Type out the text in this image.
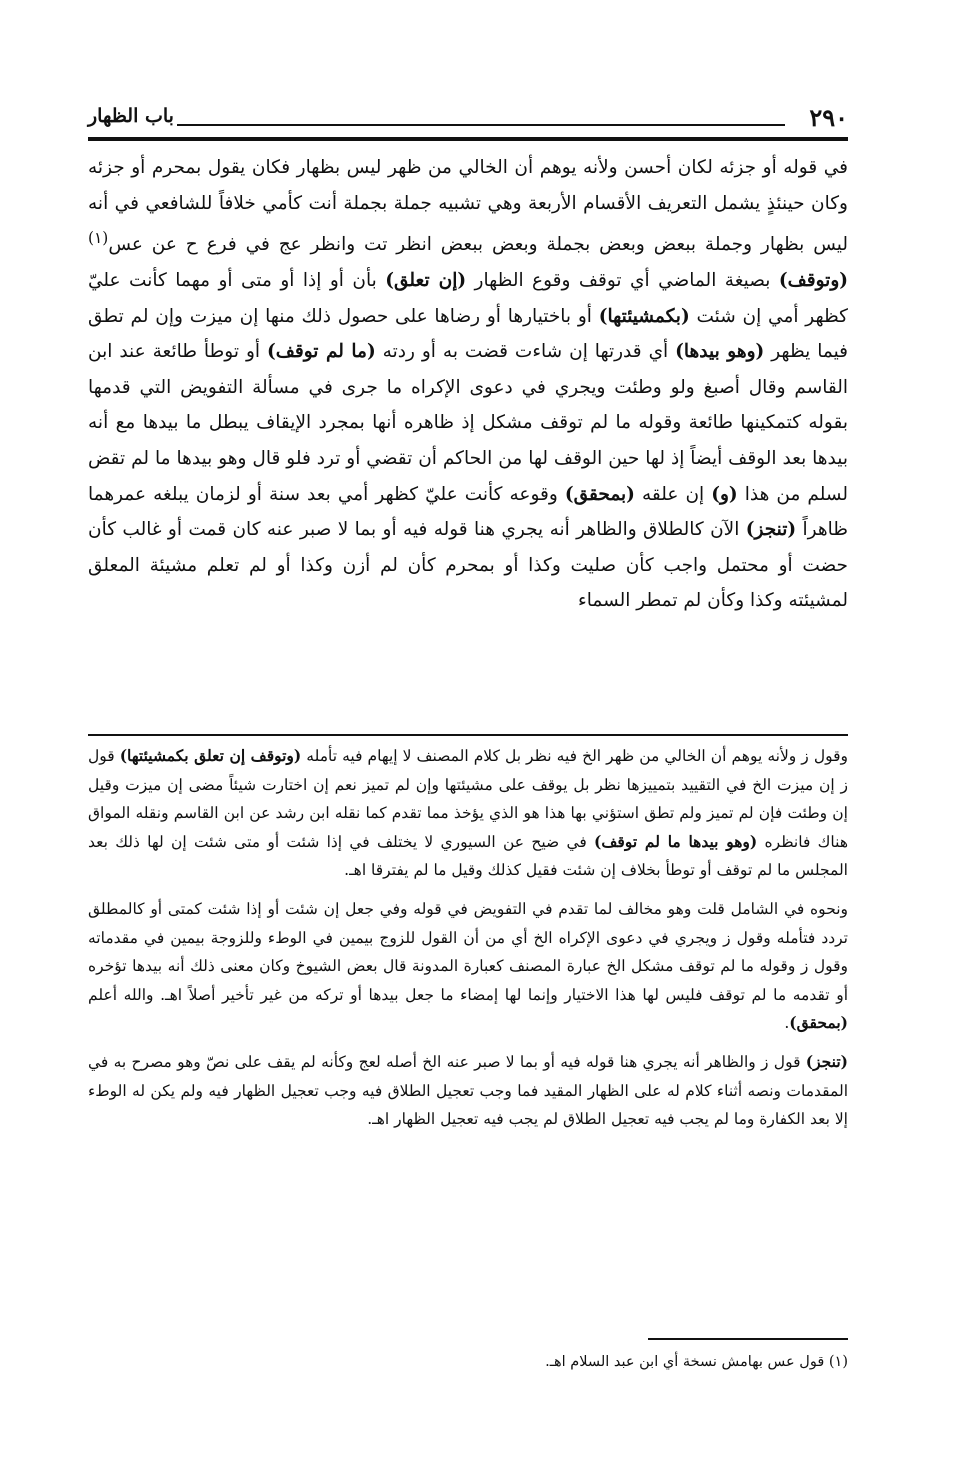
٢٩٠
باب الظهار

في قوله أو جزئه لكان أحسن ولأنه يوهم أن الخالي من ظهر ليس بظهار فكان يقول بمحرم أو جزئه وكان حينئذٍ يشمل التعريف الأقسام الأربعة وهي تشبيه جملة بجملة أنت كأمي خلافاً للشافعي في أنه ليس بظهار وجملة ببعض وبعض بجملة وبعض ببعض انظر تت وانظر عج في فرع ح عن عس$^{(١)}$ (وتوقف) بصيغة الماضي أي توقف وقوع الظهار (إن تعلق) بأن أو إذا أو متى أو مهما كأنت عليّ كظهر أمي إن شئت (بكمشيئتها) أو باختيارها أو رضاها على حصول ذلك منها إن ميزت وإن لم تطق فيما يظهر (وهو بيدها) أي قدرتها إن شاءت قضت به أو ردته (ما لم توقف) أو توطأ طائعة عند ابن القاسم وقال أصبغ ولو وطئت ويجري في دعوى الإكراه ما جرى في مسألة التفويض التي قدمها بقوله كتمكينها طائعة وقوله ما لم توقف مشكل إذ ظاهره أنها بمجرد الإيقاف يبطل ما بيدها مع أنه بيدها بعد الوقف أيضاً إذ لها حين الوقف لها من الحاكم أن تقضي أو ترد فلو قال وهو بيدها ما لم تقض لسلم من هذا (و) إن علقه (بمحقق) وقوعه كأنت عليّ كظهر أمي بعد سنة أو لزمان يبلغه عمرهما ظاهراً (تنجز) الآن كالطلاق والظاهر أنه يجري هنا قوله فيه أو بما لا صبر عنه كان قمت أو غالب كأن حضت أو محتمل واجب كأن صليت وكذا أو بمحرم كأن لم أزن وكذا أو لم تعلم مشيئة المعلق لمشيئته وكذا وكأن لم تمطر السماء

وقول ز ولأنه يوهم أن الخالي من ظهر الخ فيه نظر بل كلام المصنف لا إيهام فيه تأمله (وتوقف إن تعلق بكمشيئتها) قول ز إن ميزت الخ في التقييد بتمييزها نظر بل يوقف على مشيئتها وإن لم تميز نعم إن اختارت شيئاً مضى إن ميزت وقيل إن وطئت فإن لم تميز ولم تطق استؤني بها هذا هو الذي يؤخذ مما تقدم كما نقله ابن رشد عن ابن القاسم ونقله المواق هناك فانظره (وهو بيدها ما لم توقف) في ضيح عن السيوري لا يختلف في إذا شئت أو متى شئت إن لها ذلك بعد المجلس ما لم توقف أو توطأ بخلاف إن شئت فقيل كذلك وقيل ما لم يفترقا اهـ.

ونحوه في الشامل قلت وهو مخالف لما تقدم في التفويض في قوله وفي جعل إن شئت أو إذا شئت كمتى أو كالمطلق تردد فتأمله وقول ز ويجري في دعوى الإكراه الخ أي من أن القول للزوج بيمين في الوطء وللزوجة بيمين في مقدماته وقول ز وقوله ما لم توقف مشكل الخ عبارة المصنف كعبارة المدونة قال بعض الشيوخ وكان معنى ذلك أنه بيدها تؤخره أو تقدمه ما لم توقف فليس لها هذا الاختيار وإنما لها إمضاء ما جعل بيدها أو تركه من غير تأخير أصلاً اهـ. والله أعلم (بمحقق).

(تنجز) قول ز والظاهر أنه يجري هنا قوله فيه أو بما لا صبر عنه الخ أصله لعج وكأنه لم يقف على نصّ وهو مصرح به في المقدمات ونصه أثناء كلام له على الظهار المقيد فما وجب تعجيل الطلاق فيه وجب تعجيل الظهار فيه ولم يكن له الوطء إلا بعد الكفارة وما لم يجب فيه تعجيل الطلاق لم يجب فيه تعجيل الظهار اهـ.

(١) قول عس بهامش نسخة أي ابن عبد السلام اهـ.
